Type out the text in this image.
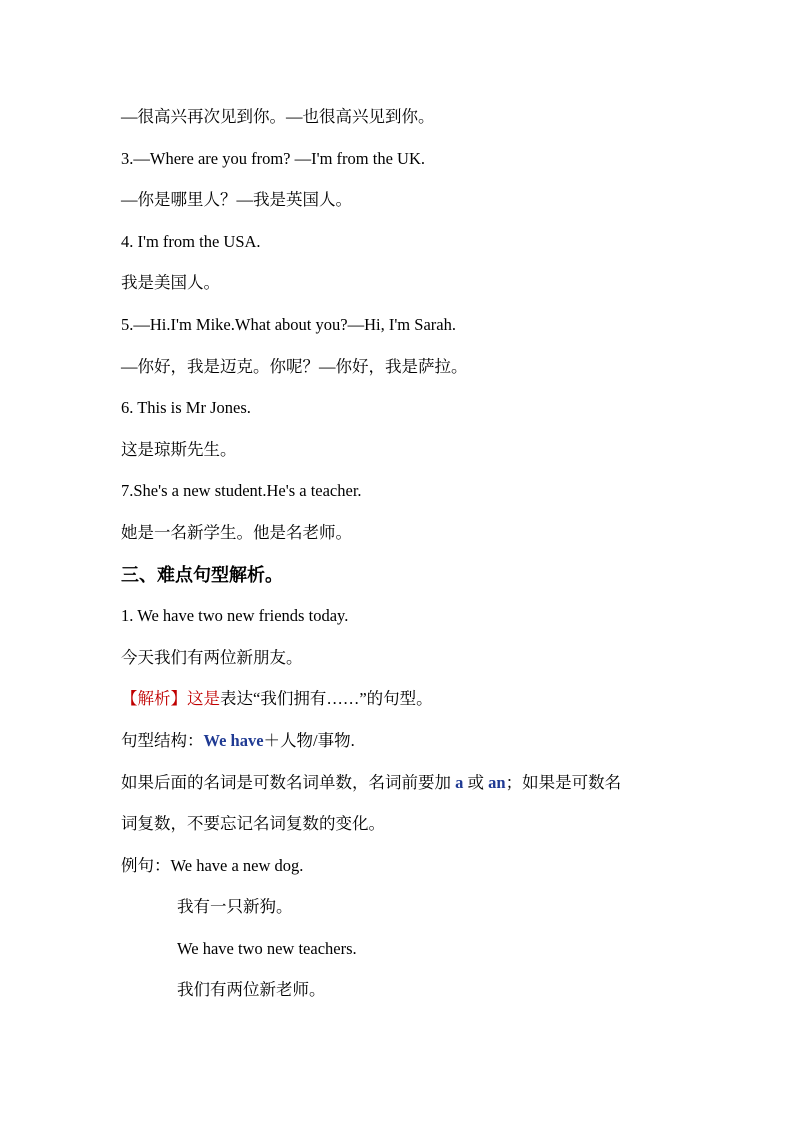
—很高兴再次见到你。—也很高兴见到你。
3.—Where are you from? —I'm from the UK.
—你是哪里人？—我是英国人。
4. I'm from the USA.
我是美国人。
5.—Hi.I'm Mike.What about you?—Hi, I'm Sarah.
—你好，我是迈克。你呢？—你好，我是萨拉。
6. This is Mr Jones.
这是琼斯先生。
7.She's a new student.He's a teacher.
她是一名新学生。他是名老师。
三、难点句型解析。
1. We have two new friends today.
今天我们有两位新朋友。
【解析】这是表达“我们拥有……”的句型。
句型结构：We have＋人物/事物.
如果后面的名词是可数名词单数，名词前要加 a 或 an；如果是可数名
词复数，不要忘记名词复数的变化。
例句：We have a new dog.
我有一只新狗。
We have two new teachers.
我们有两位新老师。
